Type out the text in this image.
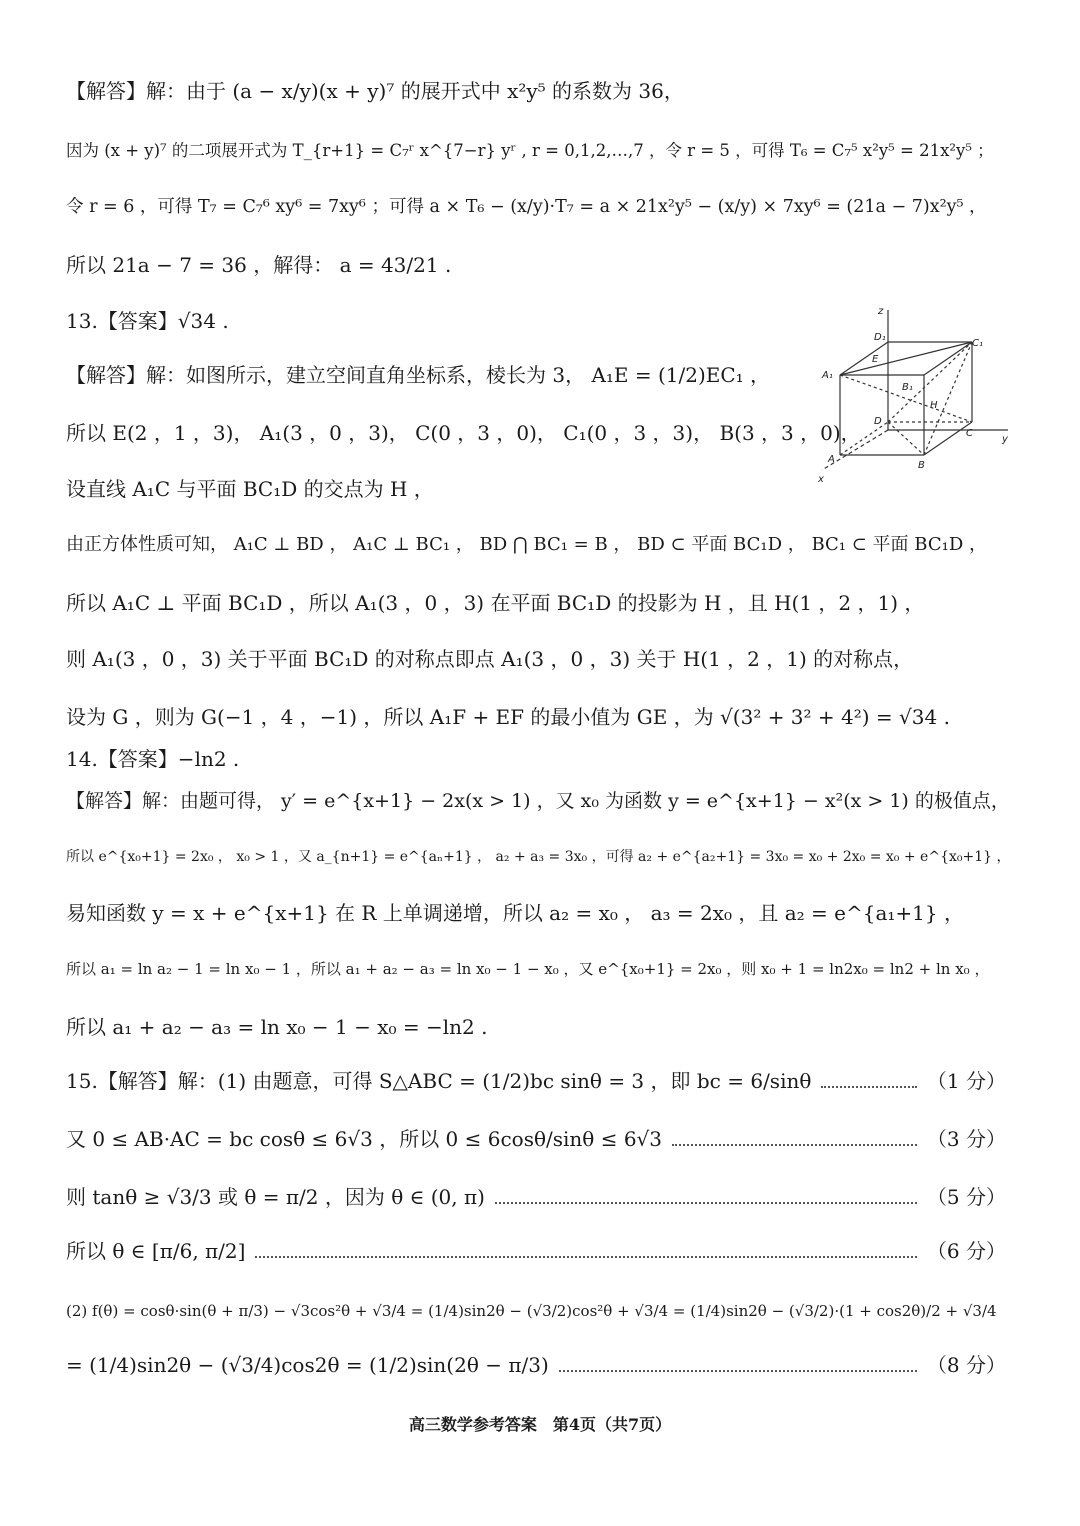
【解答】解：由于 (a − x/y)(x + y)⁷ 的展开式中 x²y⁵ 的系数为 36，
因为 (x + y)⁷ 的二项展开式为 T_{r+1} = C₇ʳ x^{7−r} yʳ , r = 0,1,2,…,7 ，令 r = 5 ，可得 T₆ = C₇⁵ x²y⁵ = 21x²y⁵ ；
令 r = 6 ，可得 T₇ = C₇⁶ xy⁶ = 7xy⁶ ；可得 a × T₆ − (x/y)·T₇ = a × 21x²y⁵ − (x/y) × 7xy⁶ = (21a − 7)x²y⁵ ，
所以 21a − 7 = 36 ，解得： a = 43/21 .
13.【答案】√34 .
【解答】解：如图所示，建立空间直角坐标系，棱长为 3， A₁E = (1/2)EC₁ ，
所以 E(2 ，1 ，3)， A₁(3 ，0 ，3)， C(0 ，3 ，0)， C₁(0 ，3 ，3)， B(3 ，3 ，0)，
设直线 A₁C 与平面 BC₁D 的交点为 H ，
由正方体性质可知， A₁C ⊥ BD ， A₁C ⊥ BC₁ ， BD ⋂ BC₁ = B ， BD ⊂ 平面 BC₁D ， BC₁ ⊂ 平面 BC₁D ，
所以 A₁C ⊥ 平面 BC₁D ，所以 A₁(3 ，0 ，3) 在平面 BC₁D 的投影为 H ，且 H(1 ，2 ，1) ，
则 A₁(3 ，0 ，3) 关于平面 BC₁D 的对称点即点 A₁(3 ，0 ，3) 关于 H(1 ，2 ，1) 的对称点，
设为 G ，则为 G(−1 ，4 ，−1) ，所以 A₁F + EF 的最小值为 GE ，为 √(3² + 3² + 4²) = √34 .
14.【答案】−ln2 .
【解答】解：由题可得， y′ = e^{x+1} − 2x(x > 1) ，又 x₀ 为函数 y = e^{x+1} − x²(x > 1) 的极值点，
所以 e^{x₀+1} = 2x₀ ， x₀ > 1 ，又 a_{n+1} = e^{aₙ+1} ， a₂ + a₃ = 3x₀ ，可得 a₂ + e^{a₂+1} = 3x₀ = x₀ + 2x₀ = x₀ + e^{x₀+1} ，
易知函数 y = x + e^{x+1} 在 R 上单调递增，所以 a₂ = x₀ ， a₃ = 2x₀ ，且 a₂ = e^{a₁+1} ，
所以 a₁ = ln a₂ − 1 = ln x₀ − 1 ，所以 a₁ + a₂ − a₃ = ln x₀ − 1 − x₀ ，又 e^{x₀+1} = 2x₀ ，则 x₀ + 1 = ln2x₀ = ln2 + ln x₀ ，
所以 a₁ + a₂ − a₃ = ln x₀ − 1 − x₀ = −ln2 .
15.【解答】解：(1) 由题意，可得 S△ABC = (1/2)bc sinθ = 3 ，即 bc = 6/sinθ	（1 分）
又 0 ≤ AB·AC = bc cosθ ≤ 6√3 ，所以 0 ≤ 6cosθ/sinθ ≤ 6√3	（3 分）
则 tanθ ≥ √3/3 或 θ = π/2 ，因为 θ ∈ (0, π)	（5 分）
所以 θ ∈ [π/6, π/2]	（6 分）
(2) f(θ) = cosθ·sin(θ + π/3) − √3cos²θ + √3/4 = (1/4)sin2θ − (√3/2)cos²θ + √3/4 = (1/4)sin2θ − (√3/2)·(1 + cos2θ)/2 + √3/4
= (1/4)sin2θ − (√3/4)cos2θ = (1/2)sin(2θ − π/3)	（8 分）
z
y
x
D₁
C₁
A₁
E
B₁
H
D
C
A
B
高三数学参考答案　第4页（共7页）
